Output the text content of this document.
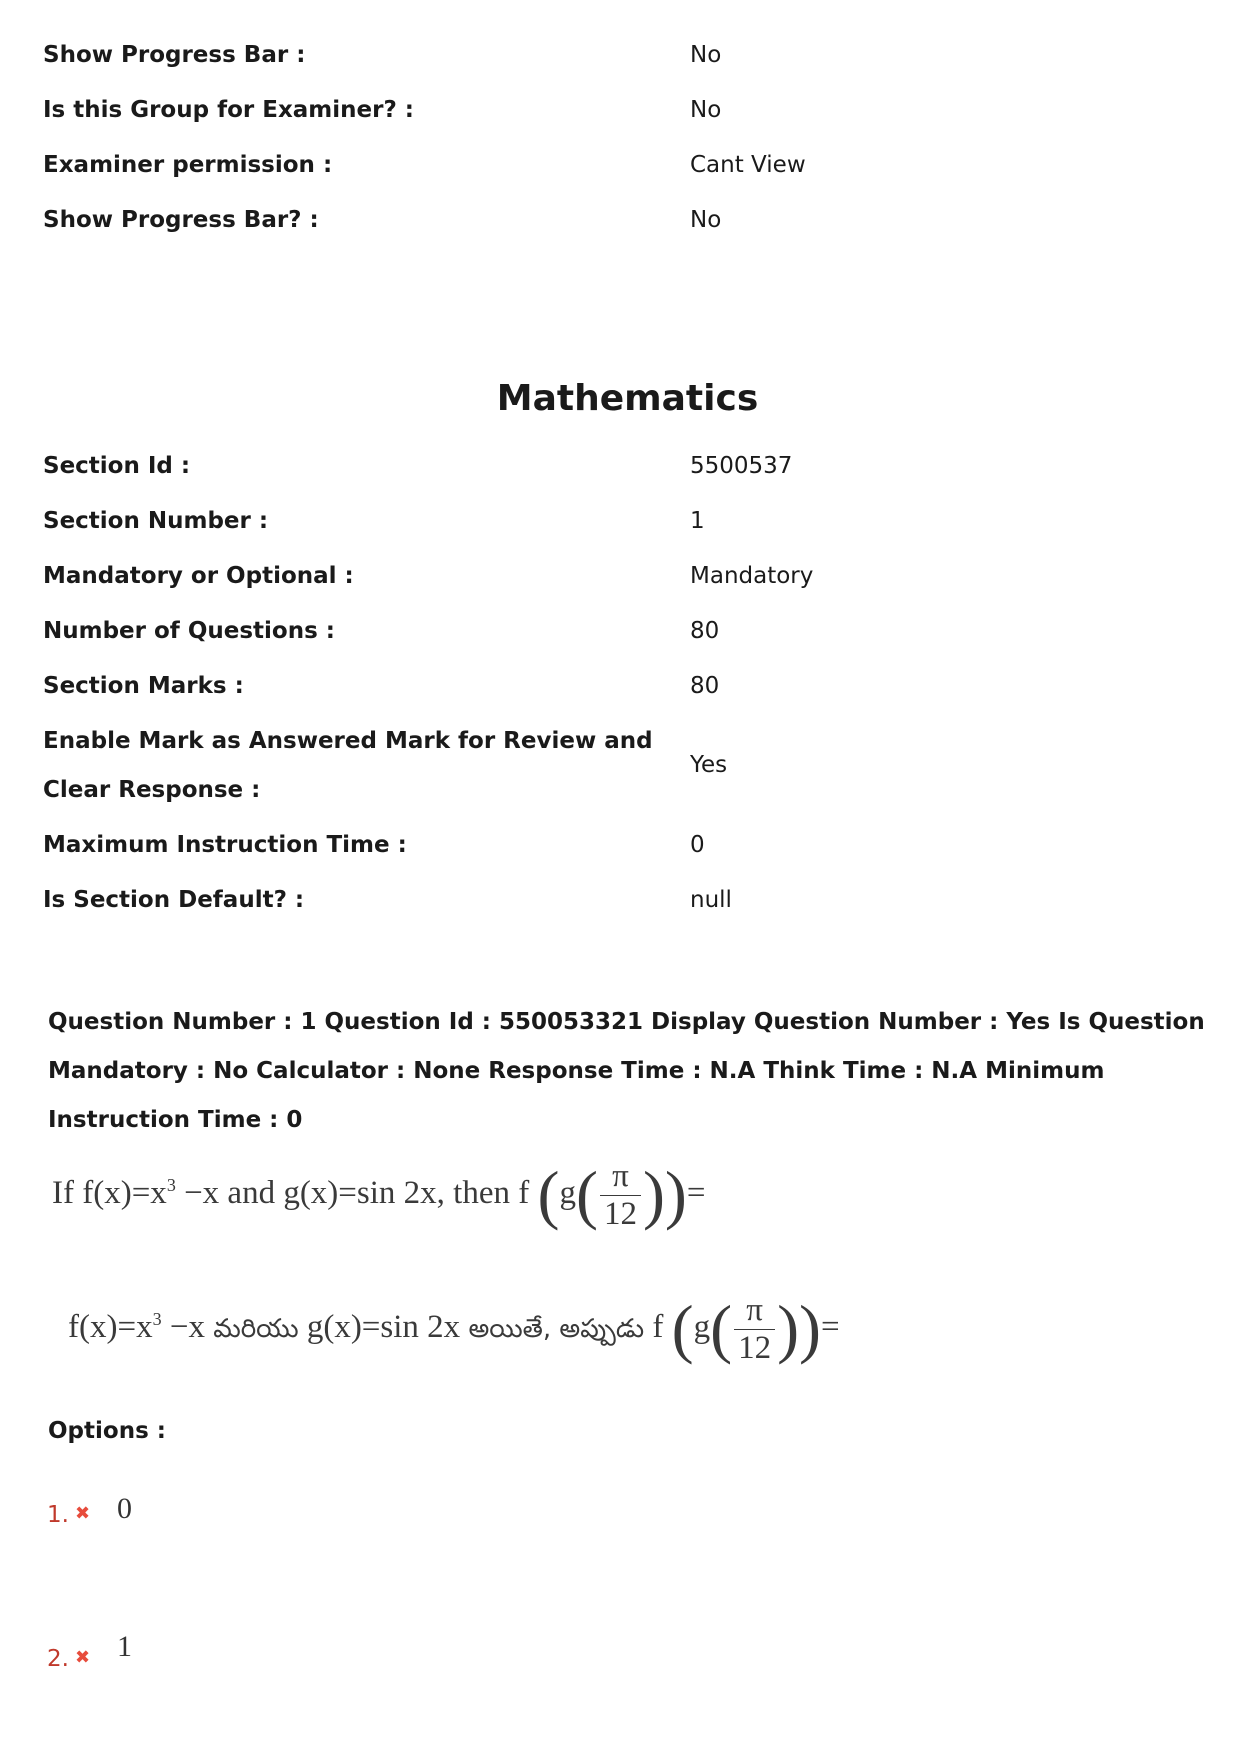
Show Progress Bar :	No
Is this Group for Examiner? :	No
Examiner permission :	Cant View
Show Progress Bar? :	No
Mathematics
Section Id :	5500537
Section Number :	1
Mandatory or Optional :	Mandatory
Number of Questions :	80
Section Marks :	80
Enable Mark as Answered Mark for Review and
Clear Response :
Yes
Maximum Instruction Time :	0
Is Section Default? :	null
Question Number : 1 Question Id : 550053321 Display Question Number : Yes Is Question Mandatory : No Calculator : None Response Time : N.A Think Time : N.A Minimum Instruction Time : 0
If $f(x)=x^3 -x$ and g(x)=sin 2x, then f ($g( \frac{\pi}{12}$ ))=
$f(x)=x^3 -x$ మరియు g(x)=sin 2x అయితే, అప్పుడు f ($g( \frac{\pi}{12}$ ))=
Options :
1. ✖ 0
2. ✖ 1
